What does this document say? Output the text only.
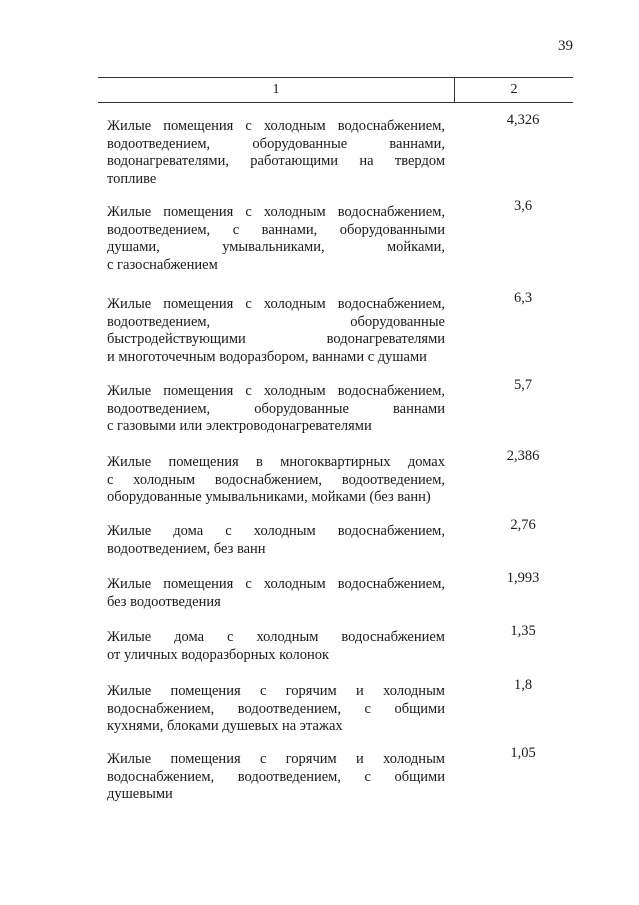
39
1	2
Жилые помещения с холодным водоснабжением,
водоотведением, оборудованные ваннами,
водонагревателями, работающими на твердом
топливе
4,326
Жилые помещения с холодным водоснабжением,
водоотведением, с ваннами, оборудованными
душами, умывальниками, мойками,
с газоснабжением
3,6
Жилые помещения с холодным водоснабжением,
водоотведением, оборудованные
быстродействующими водонагревателями
и многоточечным водоразбором, ваннами с душами
6,3
Жилые помещения с холодным водоснабжением,
водоотведением, оборудованные ваннами
с газовыми или электроводонагревателями
5,7
Жилые помещения в многоквартирных домах
с холодным водоснабжением, водоотведением,
оборудованные умывальниками, мойками (без ванн)
2,386
Жилые дома с холодным водоснабжением,
водоотведением, без ванн
2,76
Жилые помещения с холодным водоснабжением,
без водоотведения
1,993
Жилые дома с холодным водоснабжением
от уличных водоразборных колонок
1,35
Жилые помещения с горячим и холодным
водоснабжением, водоотведением, с общими
кухнями, блоками душевых на этажах
1,8
Жилые помещения с горячим и холодным
водоснабжением, водоотведением, с общими
душевыми
1,05
